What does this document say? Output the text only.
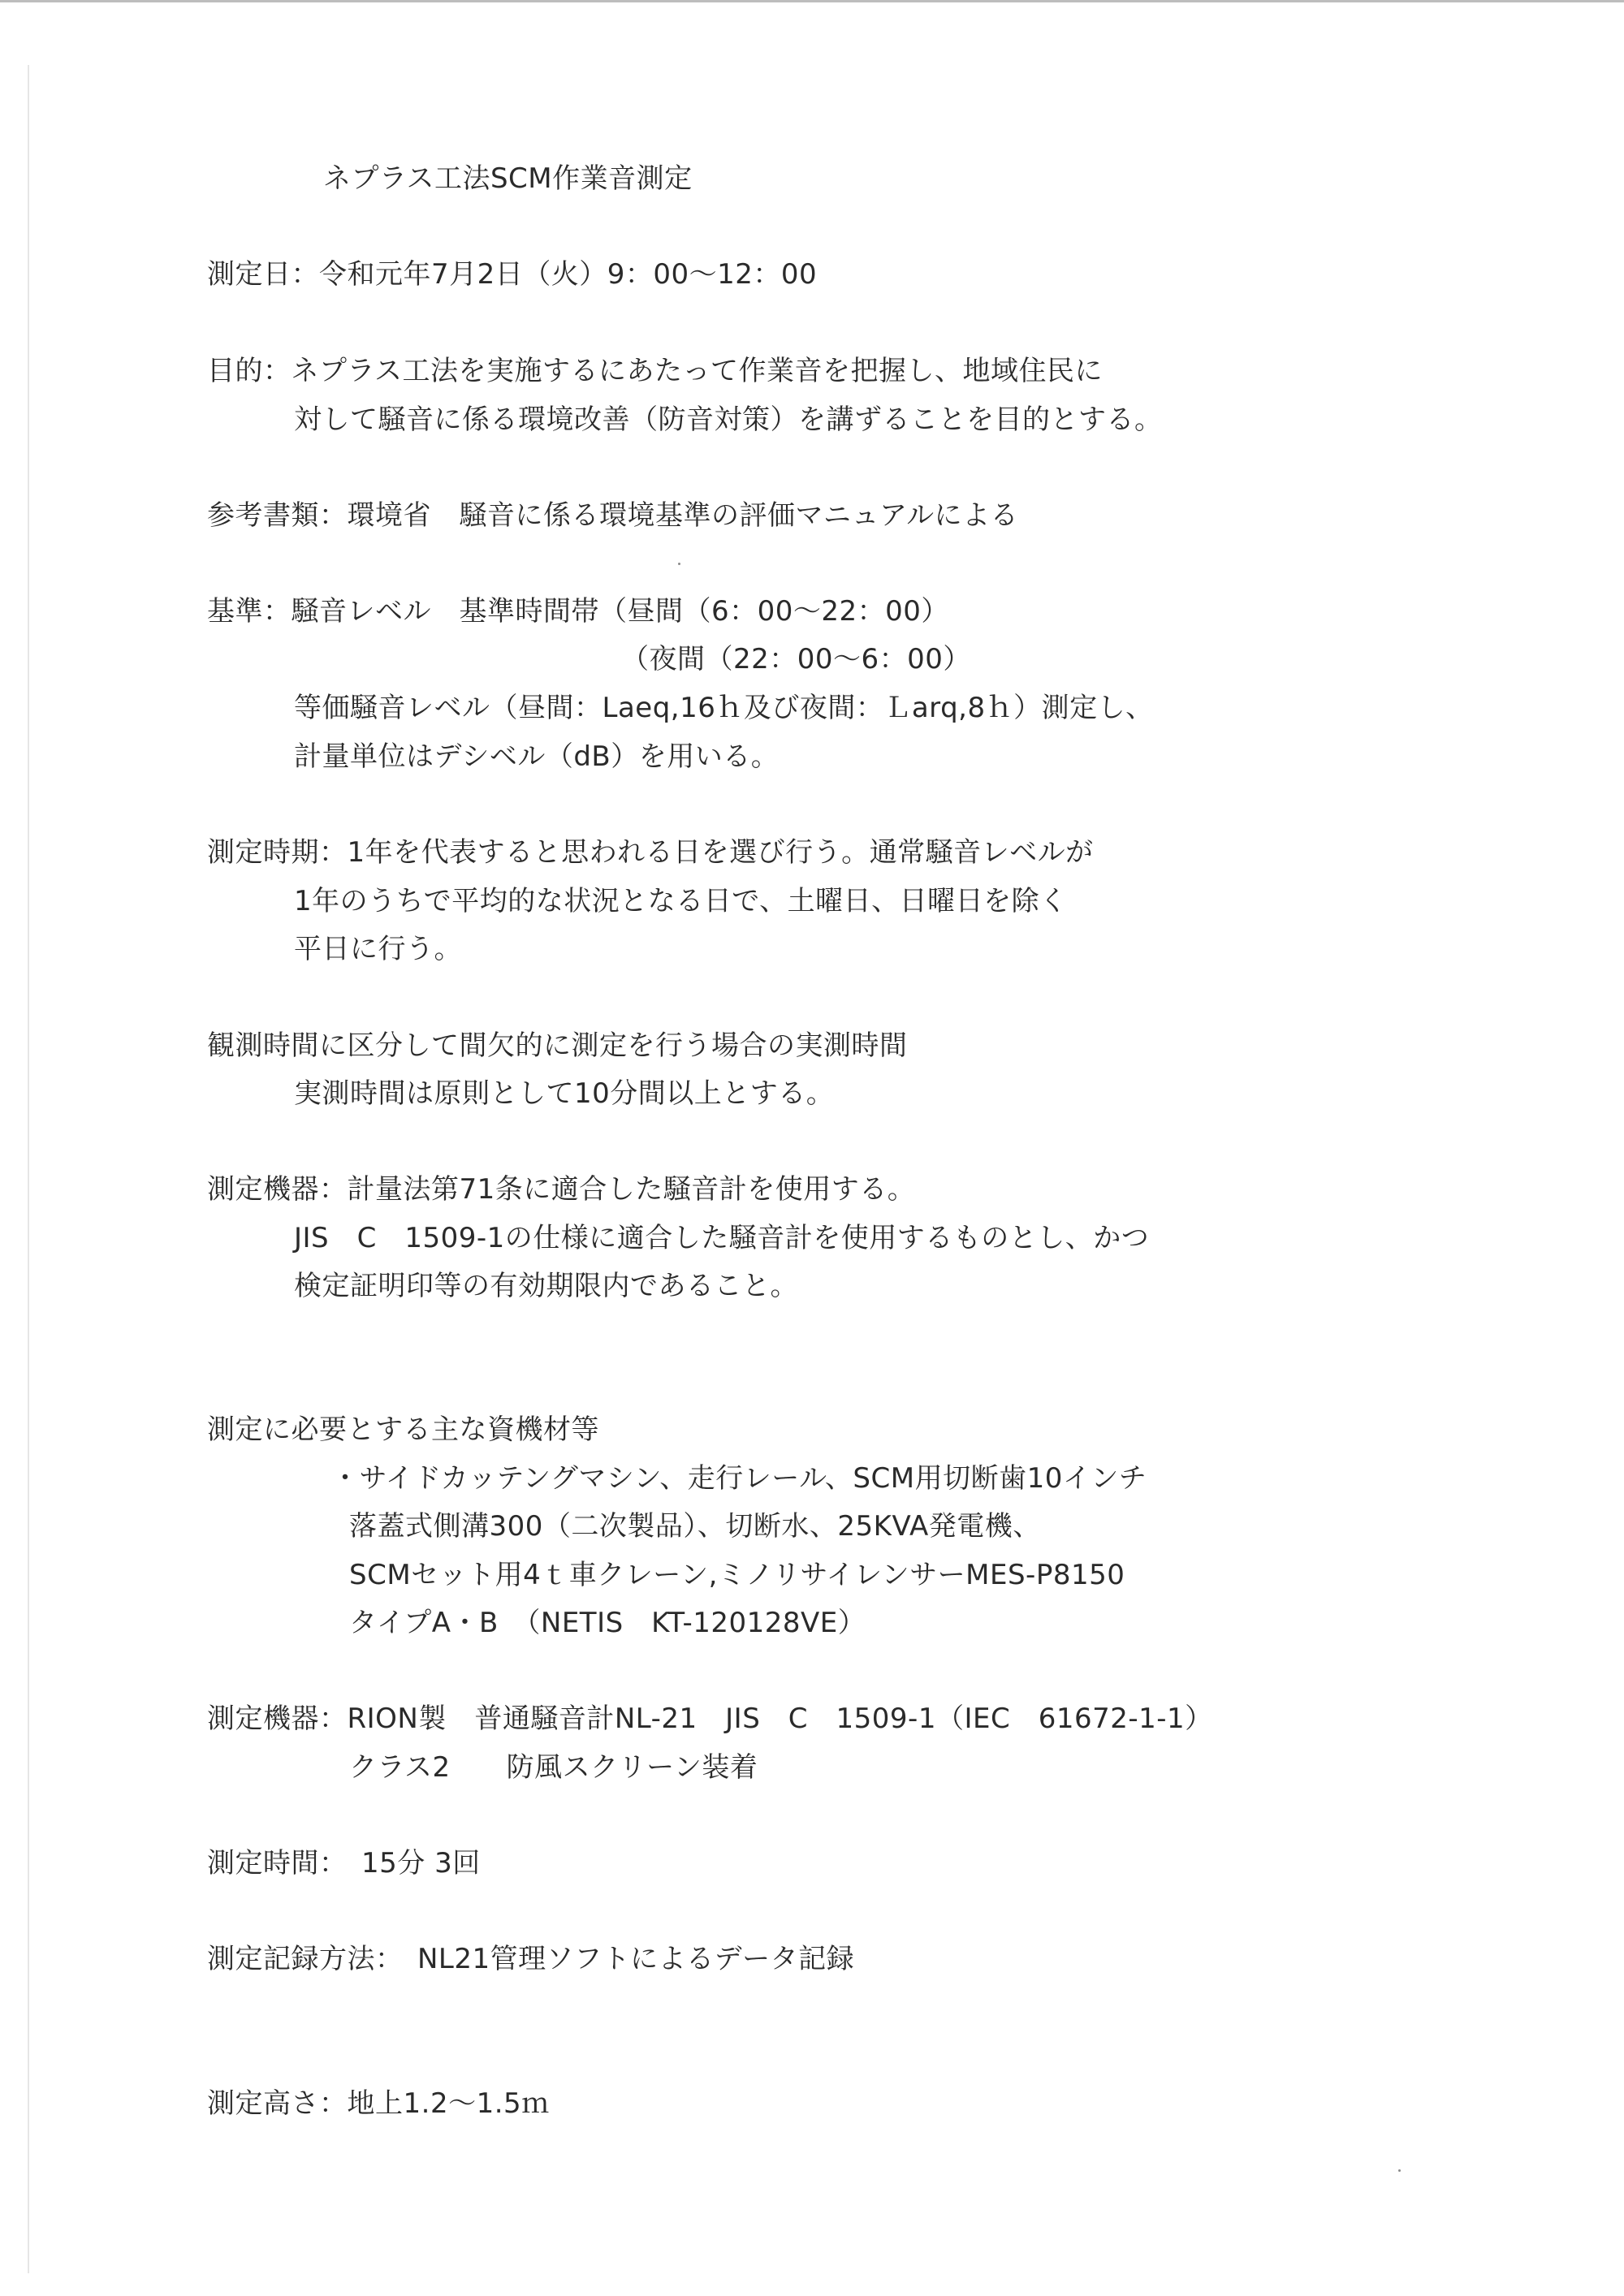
ネプラス工法SCM作業音測定
測定日：令和元年7月2日（火）9：00～12：00
目的：ネプラス工法を実施するにあたって作業音を把握し、地域住民に
対して騒音に係る環境改善（防音対策）を講ずることを目的とする。
参考書類：環境省　騒音に係る環境基準の評価マニュアルによる
基準：騒音レベル　基準時間帯（昼間（6：00～22：00）
（夜間（22：00～6：00）
等価騒音レベル（昼間：Laeq,16ｈ及び夜間：Ｌarq,8ｈ）測定し、
計量単位はデシベル（dB）を用いる。
測定時期：1年を代表すると思われる日を選び行う。通常騒音レベルが
1年のうちで平均的な状況となる日で、土曜日、日曜日を除く
平日に行う。
観測時間に区分して間欠的に測定を行う場合の実測時間
実測時間は原則として10分間以上とする。
測定機器：計量法第71条に適合した騒音計を使用する。
JIS　C　1509-1の仕様に適合した騒音計を使用するものとし、かつ
検定証明印等の有効期限内であること。
測定に必要とする主な資機材等
・サイドカッテングマシン、走行レール、SCM用切断歯10インチ
落蓋式側溝300（二次製品）、切断水、25KVA発電機、
SCMセット用4ｔ車クレーン,ミノリサイレンサーMES-P8150
タイプA・B　（NETIS　KT-120128VE）
測定機器：RION製　普通騒音計NL-21　JIS　C　1509-1（IEC　61672-1-1）
クラス2　　防風スクリーン装着
測定時間：　15分 3回
測定記録方法：　NL21管理ソフトによるデータ記録
測定高さ：地上1.2～1.5ｍ
